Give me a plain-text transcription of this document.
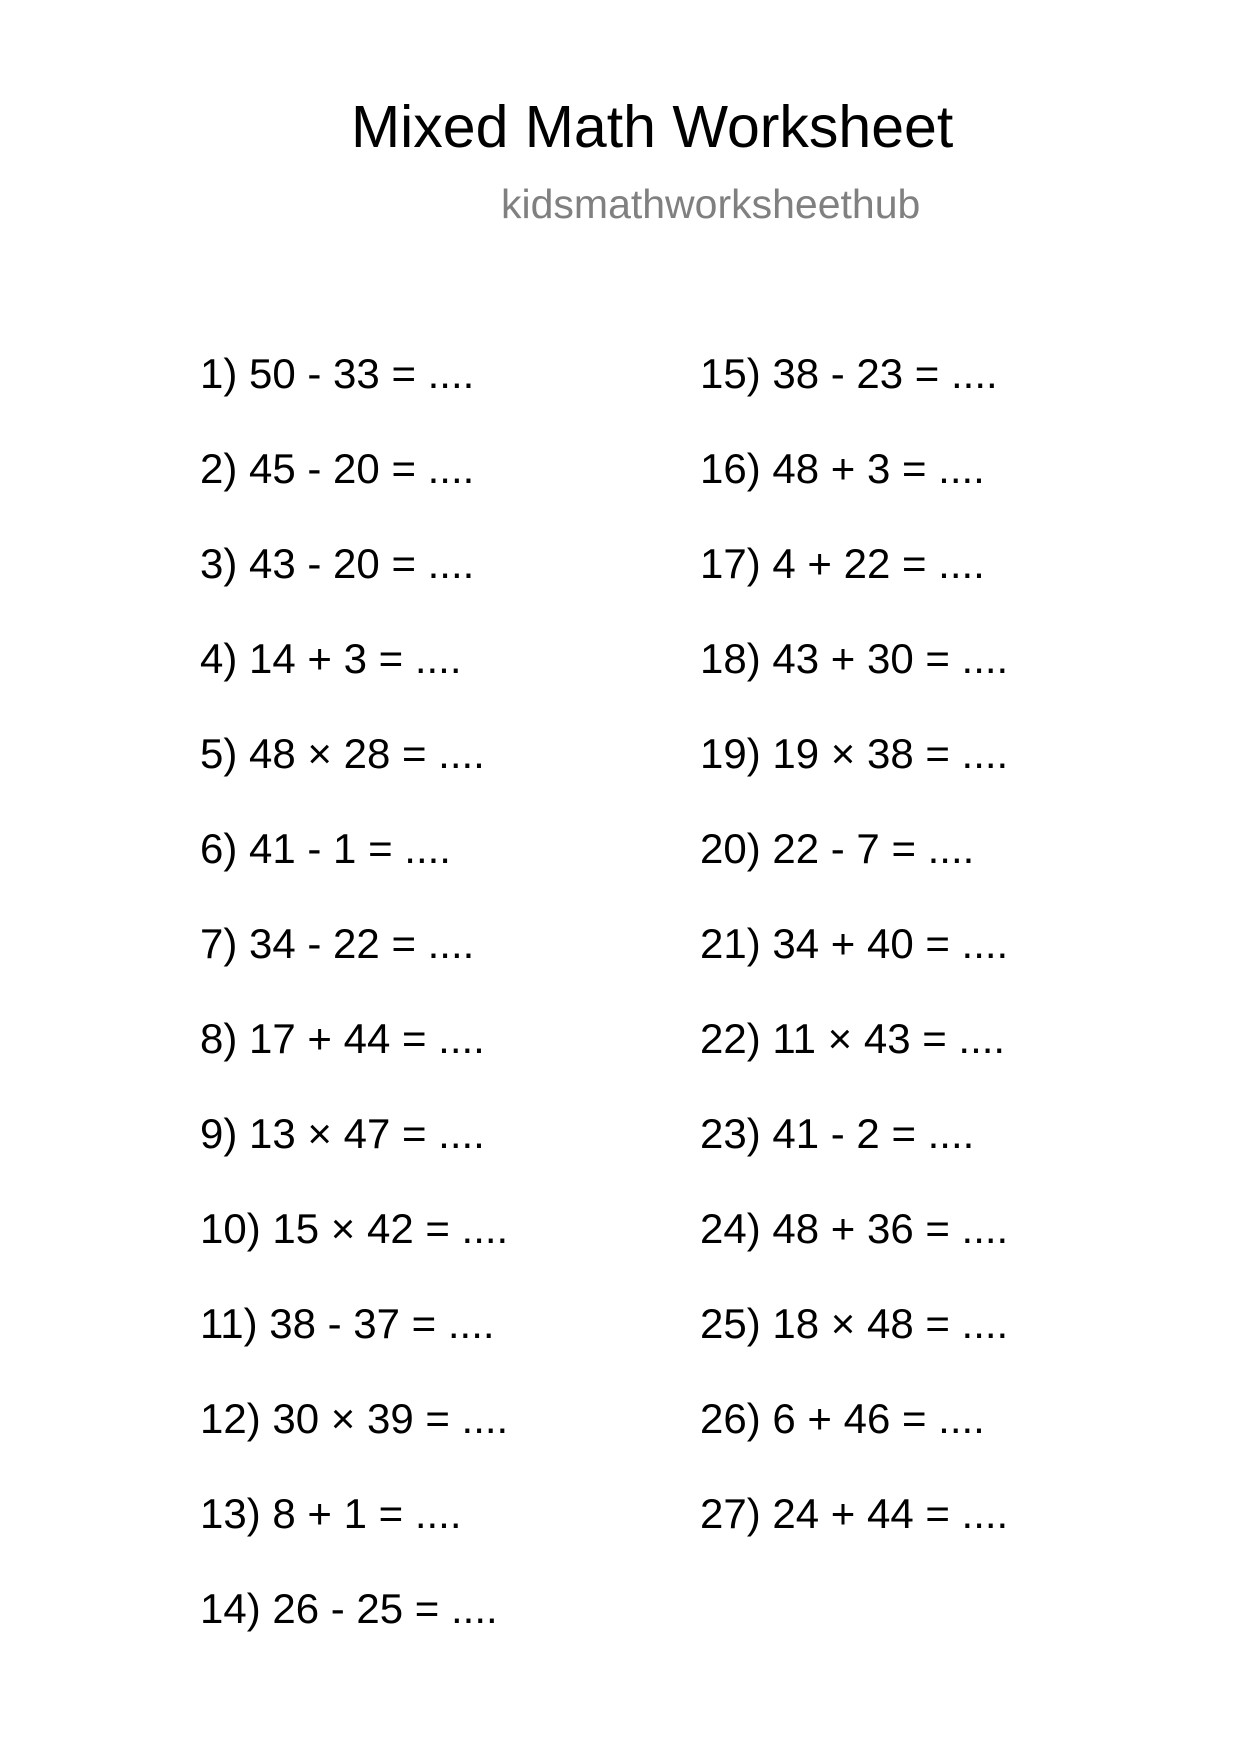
Mixed Math Worksheet
kidsmathworksheethub
1) 50 - 33 = ....
2) 45 - 20 = ....
3) 43 - 20 = ....
4) 14 + 3 = ....
5) 48 × 28 = ....
6) 41 - 1 = ....
7) 34 - 22 = ....
8) 17 + 44 = ....
9) 13 × 47 = ....
10) 15 × 42 = ....
11) 38 - 37 = ....
12) 30 × 39 = ....
13) 8 + 1 = ....
14) 26 - 25 = ....
15) 38 - 23 = ....
16) 48 + 3 = ....
17) 4 + 22 = ....
18) 43 + 30 = ....
19) 19 × 38 = ....
20) 22 - 7 = ....
21) 34 + 40 = ....
22) 11 × 43 = ....
23) 41 - 2 = ....
24) 48 + 36 = ....
25) 18 × 48 = ....
26) 6 + 46 = ....
27) 24 + 44 = ....
